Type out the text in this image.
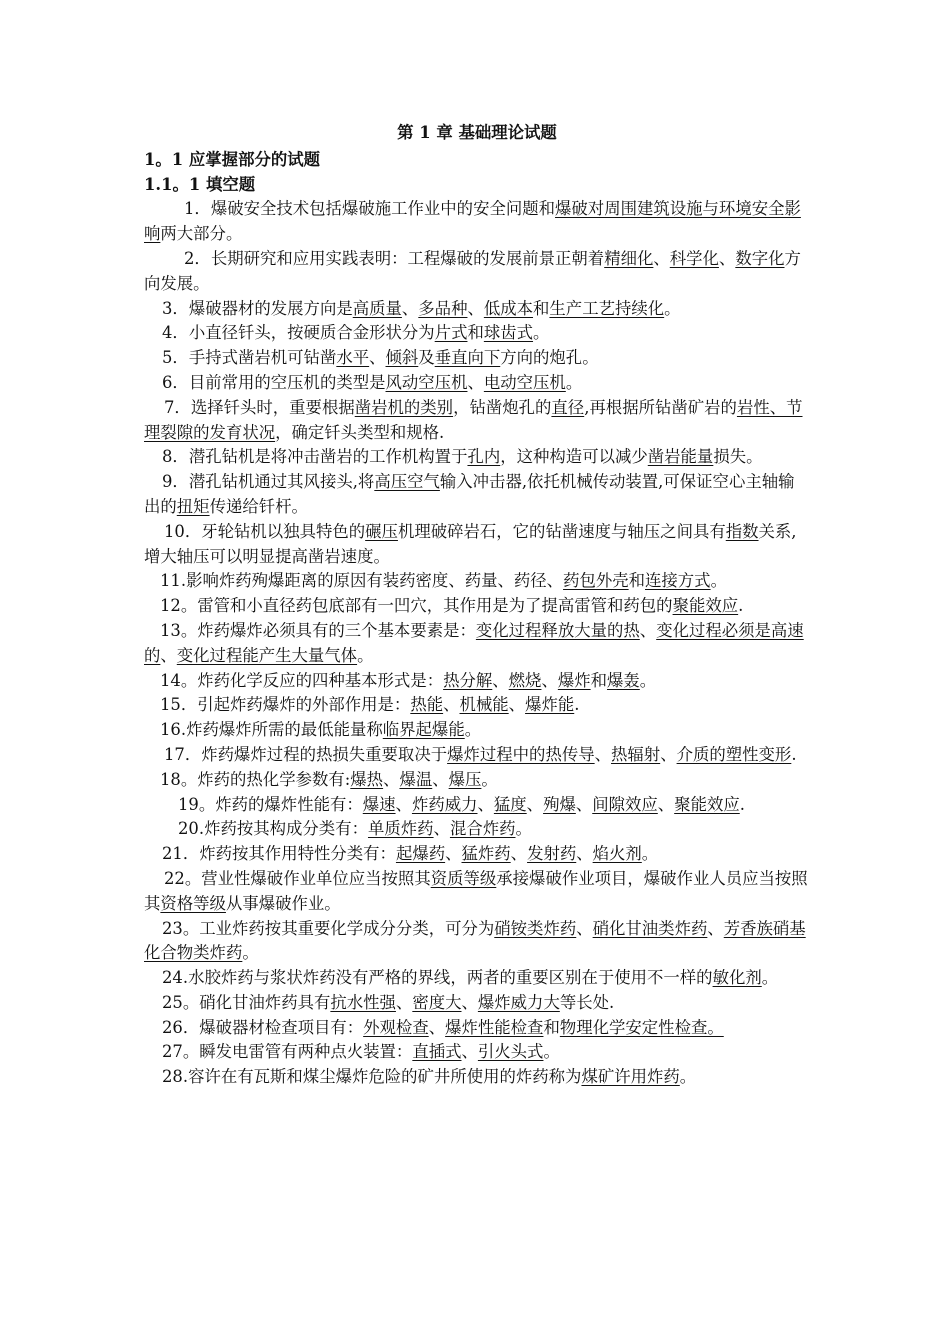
第 1 章 基础理论试题
1。1 应掌握部分的试题
1.1。1 填空题
1．爆破安全技术包括爆破施工作业中的安全问题和爆破对周围建筑设施与环境安全影响两大部分。
2．长期研究和应用实践表明：工程爆破的发展前景正朝着精细化、科学化、数字化方向发展。
3．爆破器材的发展方向是高质量、多品种、低成本和生产工艺持续化。
4．小直径钎头，按硬质合金形状分为片式和球齿式。
5．手持式凿岩机可钻凿水平、倾斜及垂直向下方向的炮孔。
6．目前常用的空压机的类型是风动空压机、电动空压机。
7．选择钎头时，重要根据凿岩机的类别，钻凿炮孔的直径,再根据所钻凿矿岩的岩性、节理裂隙的发育状况，确定钎头类型和规格.
8．潜孔钻机是将冲击凿岩的工作机构置于孔内，这种构造可以减少凿岩能量损失。
9．潜孔钻机通过其风接头,将高压空气输入冲击器,依托机械传动装置,可保证空心主轴输出的扭矩传递给钎杆。
10．牙轮钻机以独具特色的碾压机理破碎岩石，它的钻凿速度与轴压之间具有指数关系,增大轴压可以明显提高凿岩速度。
11.影响炸药殉爆距离的原因有装药密度、药量、药径、药包外壳和连接方式。
12。雷管和小直径药包底部有一凹穴，其作用是为了提高雷管和药包的聚能效应.
13。炸药爆炸必须具有的三个基本要素是：变化过程释放大量的热、变化过程必须是高速的、变化过程能产生大量气体。
14。炸药化学反应的四种基本形式是：热分解、燃烧、爆炸和爆轰。
15．引起炸药爆炸的外部作用是：热能、机械能、爆炸能.
16.炸药爆炸所需的最低能量称临界起爆能。
17．炸药爆炸过程的热损失重要取决于爆炸过程中的热传导、热辐射、介质的塑性变形.
18。炸药的热化学参数有:爆热、爆温、爆压。
19。炸药的爆炸性能有：爆速、炸药威力、猛度、殉爆、间隙效应、聚能效应.
20.炸药按其构成分类有：单质炸药、混合炸药。
21．炸药按其作用特性分类有：起爆药、猛炸药、发射药、焰火剂。
22。营业性爆破作业单位应当按照其资质等级承接爆破作业项目，爆破作业人员应当按照其资格等级从事爆破作业。
23。工业炸药按其重要化学成分分类，可分为硝铵类炸药、硝化甘油类炸药、芳香族硝基化合物类炸药。
24.水胶炸药与浆状炸药没有严格的界线，两者的重要区别在于使用不一样的敏化剂。
25。硝化甘油炸药具有抗水性强、密度大、爆炸威力大等长处.
26．爆破器材检查项目有：外观检查、爆炸性能检查和物理化学安定性检查。
27。瞬发电雷管有两种点火装置：直插式、引火头式。
28.容许在有瓦斯和煤尘爆炸危险的矿井所使用的炸药称为煤矿许用炸药。
